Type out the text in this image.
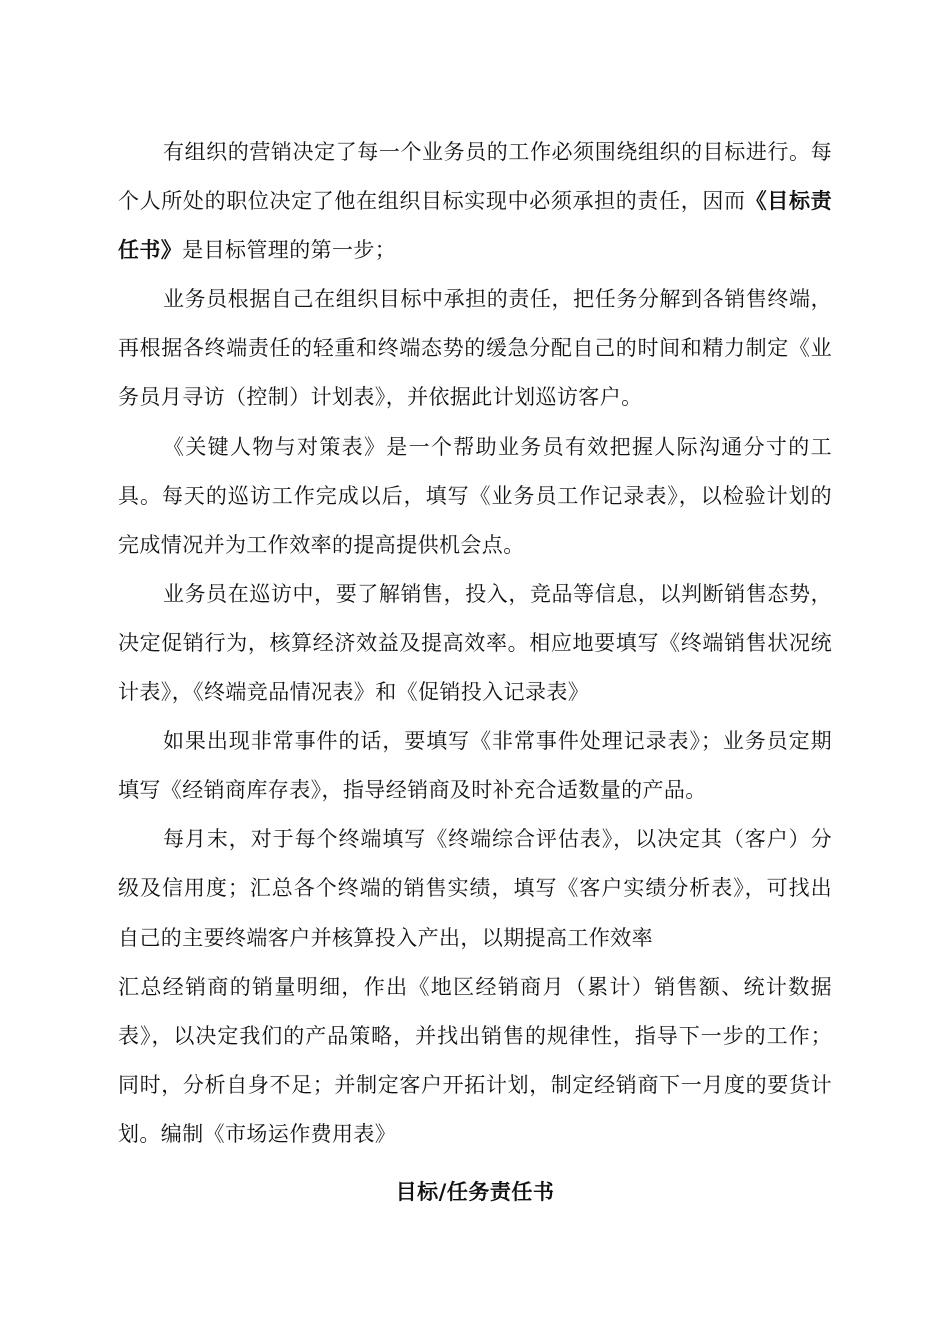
有组织的营销决定了每一个业务员的工作必须围绕组织的目标进行。每个人所处的职位决定了他在组织目标实现中必须承担的责任，因而《目标责任书》是目标管理的第一步；

业务员根据自己在组织目标中承担的责任，把任务分解到各销售终端，再根据各终端责任的轻重和终端态势的缓急分配自己的时间和精力制定《业务员月寻访（控制）计划表》，并依据此计划巡访客户。

《关键人物与对策表》是一个帮助业务员有效把握人际沟通分寸的工具。每天的巡访工作完成以后，填写《业务员工作记录表》，以检验计划的完成情况并为工作效率的提高提供机会点。

业务员在巡访中，要了解销售，投入，竞品等信息，以判断销售态势，决定促销行为，核算经济效益及提高效率。相应地要填写《终端销售状况统计表》，《终端竞品情况表》和《促销投入记录表》

如果出现非常事件的话，要填写《非常事件处理记录表》；业务员定期填写《经销商库存表》，指导经销商及时补充合适数量的产品。

每月末，对于每个终端填写《终端综合评估表》，以决定其（客户）分级及信用度；汇总各个终端的销售实绩，填写《客户实绩分析表》，可找出自己的主要终端客户并核算投入产出，以期提高工作效率

汇总经销商的销量明细，作出《地区经销商月（累计）销售额、统计数据表》，以决定我们的产品策略，并找出销售的规律性，指导下一步的工作；同时，分析自身不足；并制定客户开拓计划，制定经销商下一月度的要货计划。编制《市场运作费用表》

目标/任务责任书
